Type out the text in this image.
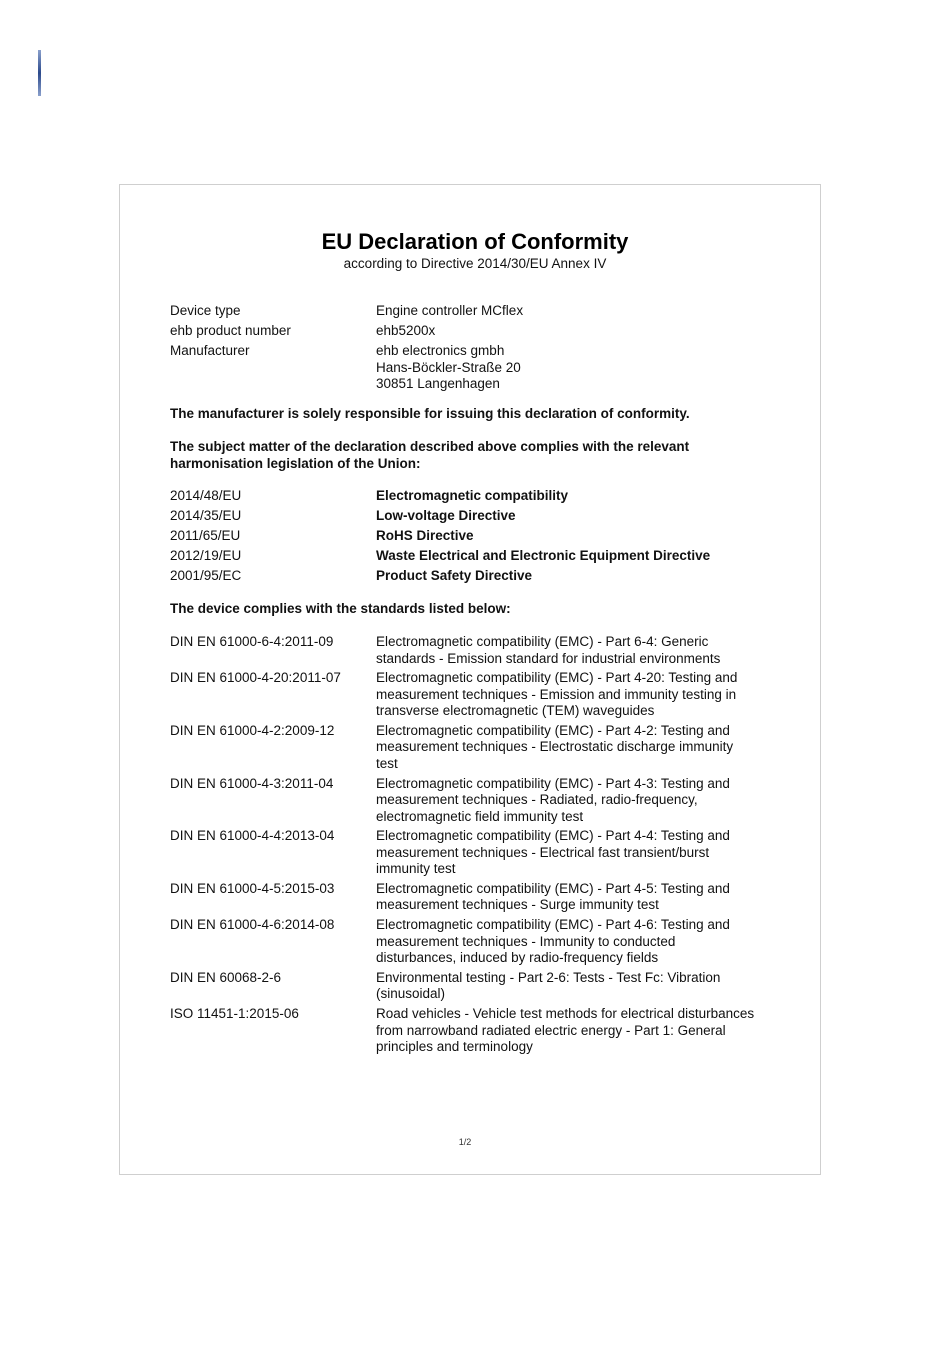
EU Declaration of Conformity
according to Directive 2014/30/EU Annex IV
Device type	Engine controller MCflex
ehb product number	ehb5200x
Manufacturer	ehb electronics gmbh
Hans-Böckler-Straße 20
30851 Langenhagen
The manufacturer is solely responsible for issuing this declaration of conformity.
The subject matter of the declaration described above complies with the relevant harmonisation legislation of the Union:
2014/48/EU	Electromagnetic compatibility
2014/35/EU	Low-voltage Directive
2011/65/EU	RoHS Directive
2012/19/EU	Waste Electrical and Electronic Equipment Directive
2001/95/EC	Product Safety Directive
The device complies with the standards listed below:
DIN EN 61000-6-4:2011-09	Electromagnetic compatibility (EMC) - Part 6-4: Generic
standards - Emission standard for industrial environments
DIN EN 61000-4-20:2011-07	Electromagnetic compatibility (EMC) - Part 4-20: Testing and
measurement techniques - Emission and immunity testing in
transverse electromagnetic (TEM) waveguides
DIN EN 61000-4-2:2009-12	Electromagnetic compatibility (EMC) - Part 4-2: Testing and
measurement techniques - Electrostatic discharge immunity
test
DIN EN 61000-4-3:2011-04	Electromagnetic compatibility (EMC) - Part 4-3: Testing and
measurement techniques - Radiated, radio-frequency,
electromagnetic field immunity test
DIN EN 61000-4-4:2013-04	Electromagnetic compatibility (EMC) - Part 4-4: Testing and
measurement techniques - Electrical fast transient/burst
immunity test
DIN EN 61000-4-5:2015-03	Electromagnetic compatibility (EMC) - Part 4-5: Testing and
measurement techniques - Surge immunity test
DIN EN 61000-4-6:2014-08	Electromagnetic compatibility (EMC) - Part 4-6: Testing and
measurement techniques - Immunity to conducted
disturbances, induced by radio-frequency fields
DIN EN 60068-2-6	Environmental testing - Part 2-6: Tests - Test Fc: Vibration
(sinusoidal)
ISO 11451-1:2015-06	Road vehicles - Vehicle test methods for electrical disturbances
from narrowband radiated electric energy - Part 1: General
principles and terminology
1/2
